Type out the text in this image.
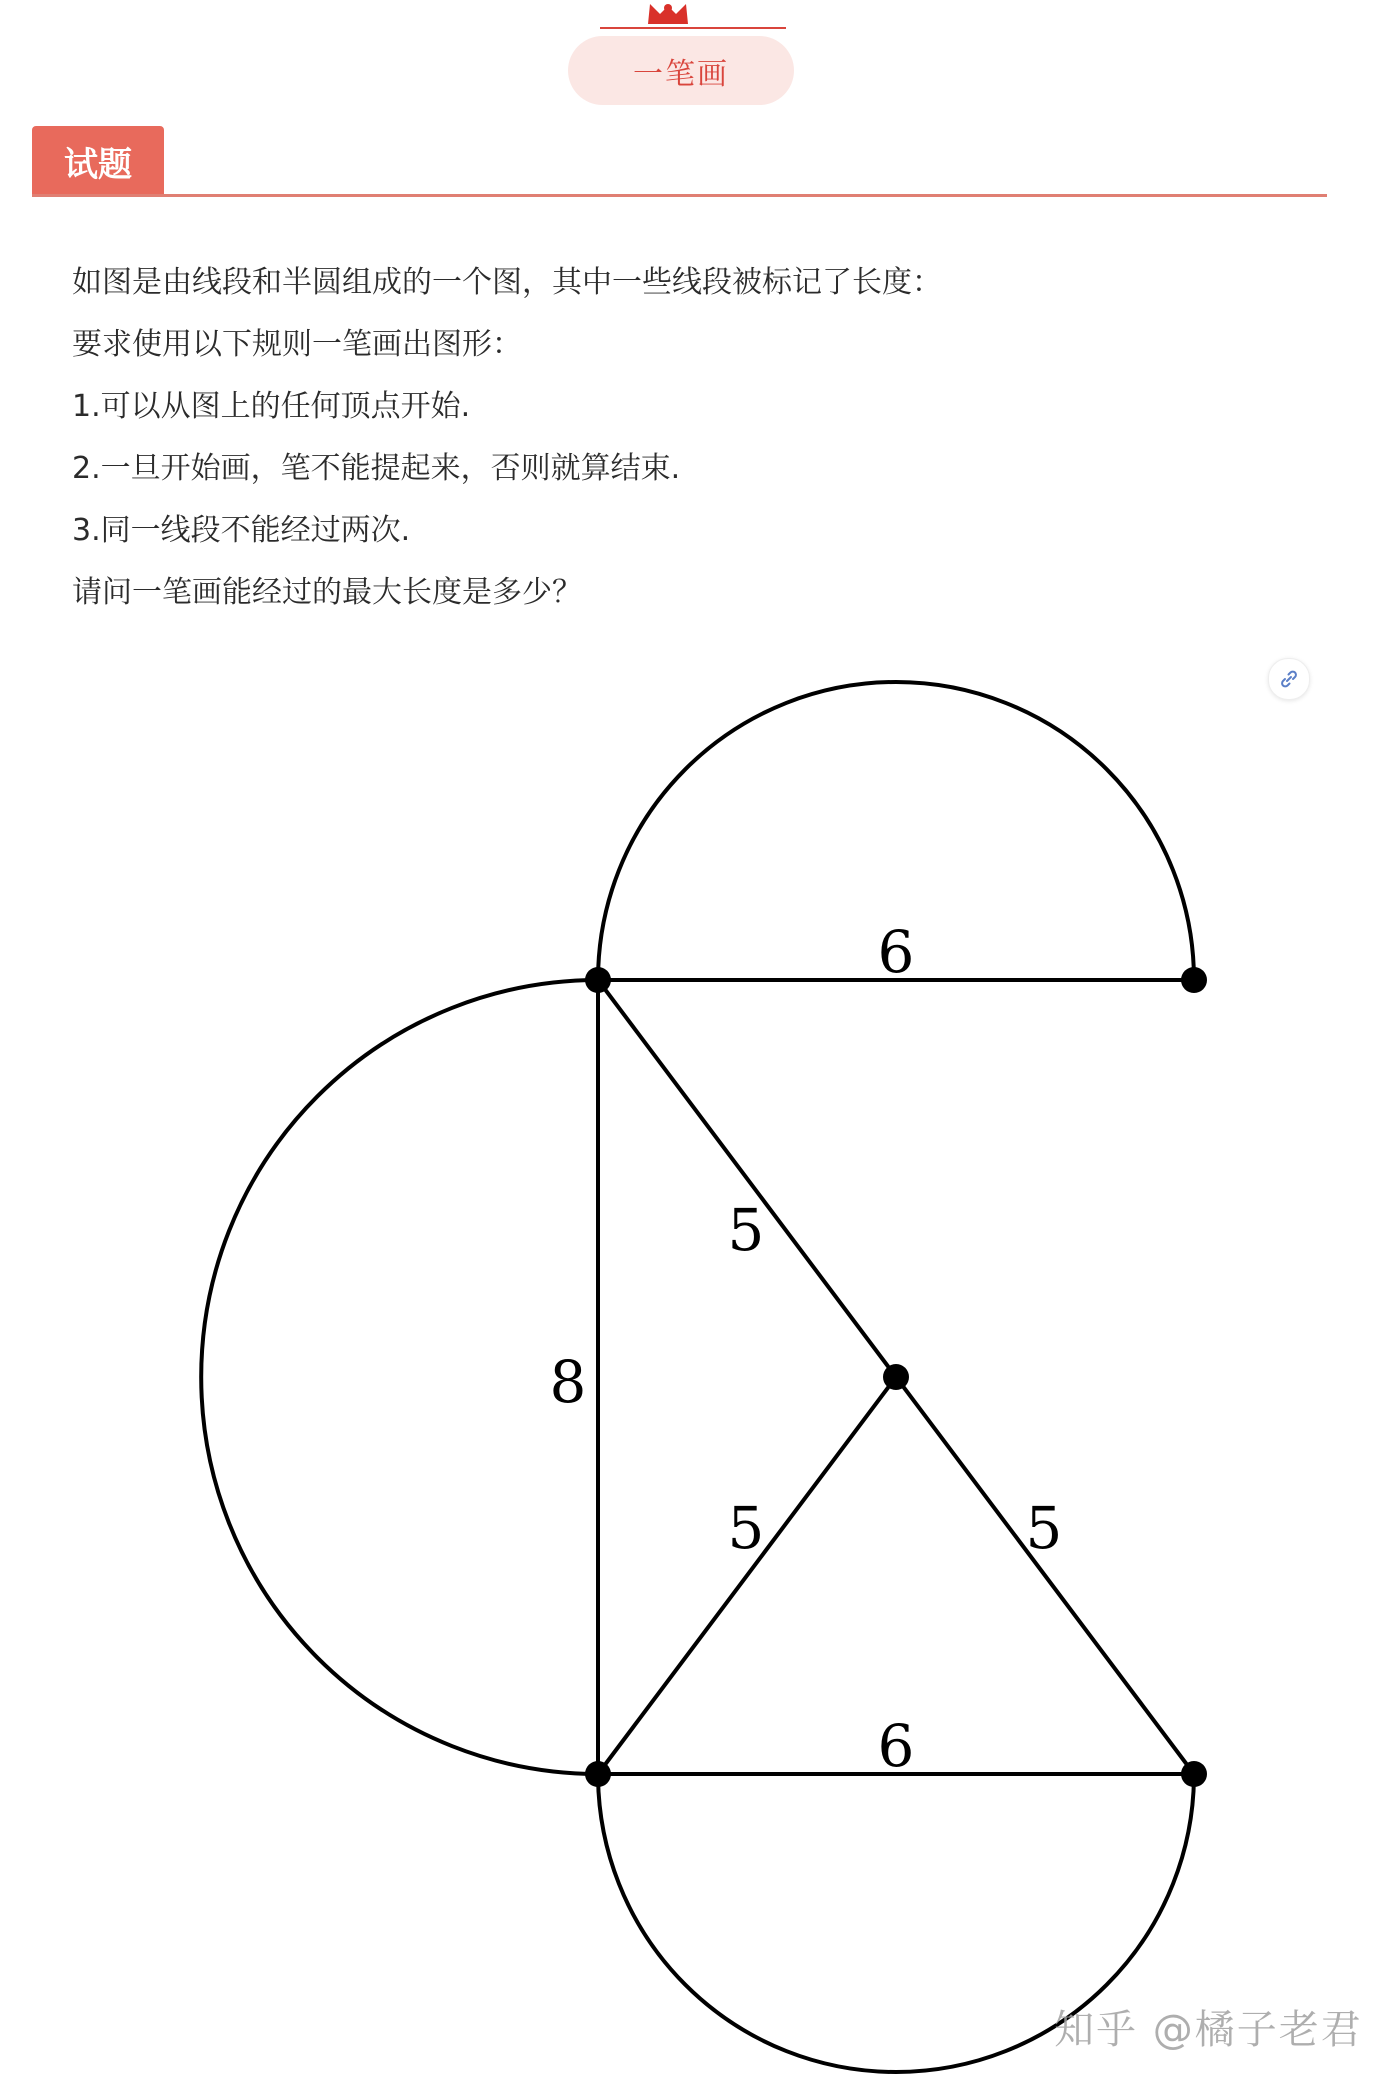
一笔画
试题

如图是由线段和半圆组成的一个图，其中一些线段被标记了长度：

要求使用以下规则一笔画出图形：

1.可以从图上的任何顶点开始.

2.一旦开始画，笔不能提起来，否则就算结束.

3.同一线段不能经过两次.

请问一笔画能经过的最大长度是多少？

6
5
8
5	5
6
知乎 @橘子老君
